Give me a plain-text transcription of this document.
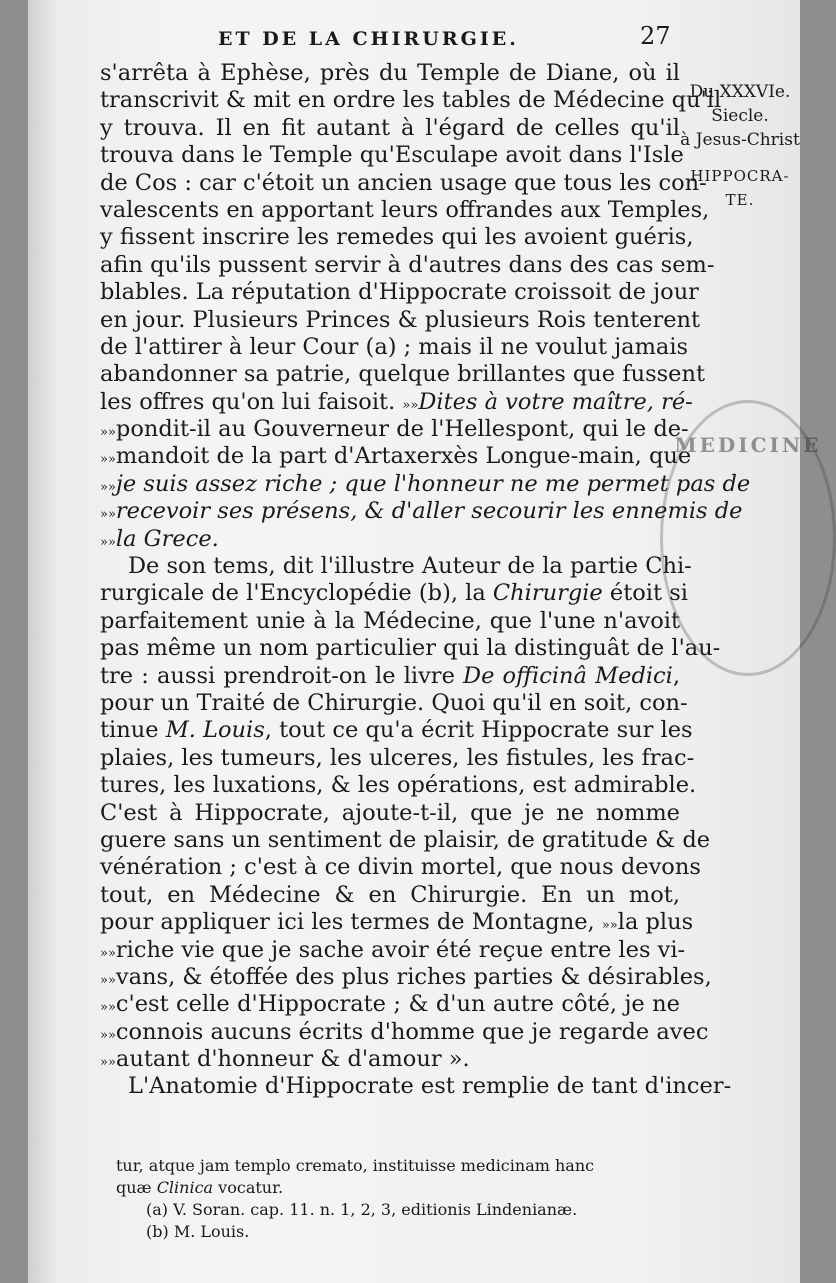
ET DE LA CHIRURGIE.	27
s'arrêta à Ephèse, près du Temple de Diane, où il
transcrivit & mit en ordre les tables de Médecine qu'il
y trouva. Il en fit autant à l'égard de celles qu'il
trouva dans le Temple qu'Esculape avoit dans l'Isle
de Cos : car c'étoit un ancien usage que tous les con-
valescents en apportant leurs offrandes aux Temples,
y fissent inscrire les remedes qui les avoient guéris,
afin qu'ils pussent servir à d'autres dans des cas sem-
blables. La réputation d'Hippocrate croissoit de jour
en jour. Plusieurs Princes & plusieurs Rois tenterent
de l'attirer à leur Cour (a) ; mais il ne voulut jamais
abandonner sa patrie, quelque brillantes que fussent
les offres qu'on lui faisoit. »» Dites à votre maître, ré-
»» pondit-il au Gouverneur de l'Hellespont, qui le de-
»» mandoit de la part d'Artaxerxès Longue-main, que
»» je suis assez riche ; que l'honneur ne me permet pas de
»» recevoir ses présens, & d'aller secourir les ennemis de
»» la Grece.
De son tems, dit l'illustre Auteur de la partie Chi-
rurgicale de l'Encyclopédie (b), la Chirurgie étoit si
parfaitement unie à la Médecine, que l'une n'avoit
pas même un nom particulier qui la distinguât de l'au-
tre : aussi prendroit-on le livre De officinâ Medici,
pour un Traité de Chirurgie. Quoi qu'il en soit, con-
tinue M. Louis, tout ce qu'a écrit Hippocrate sur les
plaies, les tumeurs, les ulceres, les fistules, les frac-
tures, les luxations, & les opérations, est admirable.
C'est à Hippocrate, ajoute-t-il, que je ne nomme
guere sans un sentiment de plaisir, de gratitude & de
vénération ; c'est à ce divin mortel, que nous devons
tout, en Médecine & en Chirurgie. En un mot,
pour appliquer ici les termes de Montagne, »» la plus
»» riche vie que je sache avoir été reçue entre les vi-
»» vans, & étoffée des plus riches parties & désirables,
»» c'est celle d'Hippocrate ; & d'un autre côté, je ne
»» connois aucuns écrits d'homme que je regarde avec
»» autant d'honneur & d'amour ».
L'Anatomie d'Hippocrate est remplie de tant d'incer-
Du XXXVIe.
Siecle.
à Jesus-Christ
HIPPOCRA-
TE.
MEDICINE
tur, atque jam templo cremato, instituisse medicinam hanc
quæ Clinica vocatur.
(a) V. Soran. cap. 11. n. 1, 2, 3, editionis Lindenianæ.
(b) M. Louis.
